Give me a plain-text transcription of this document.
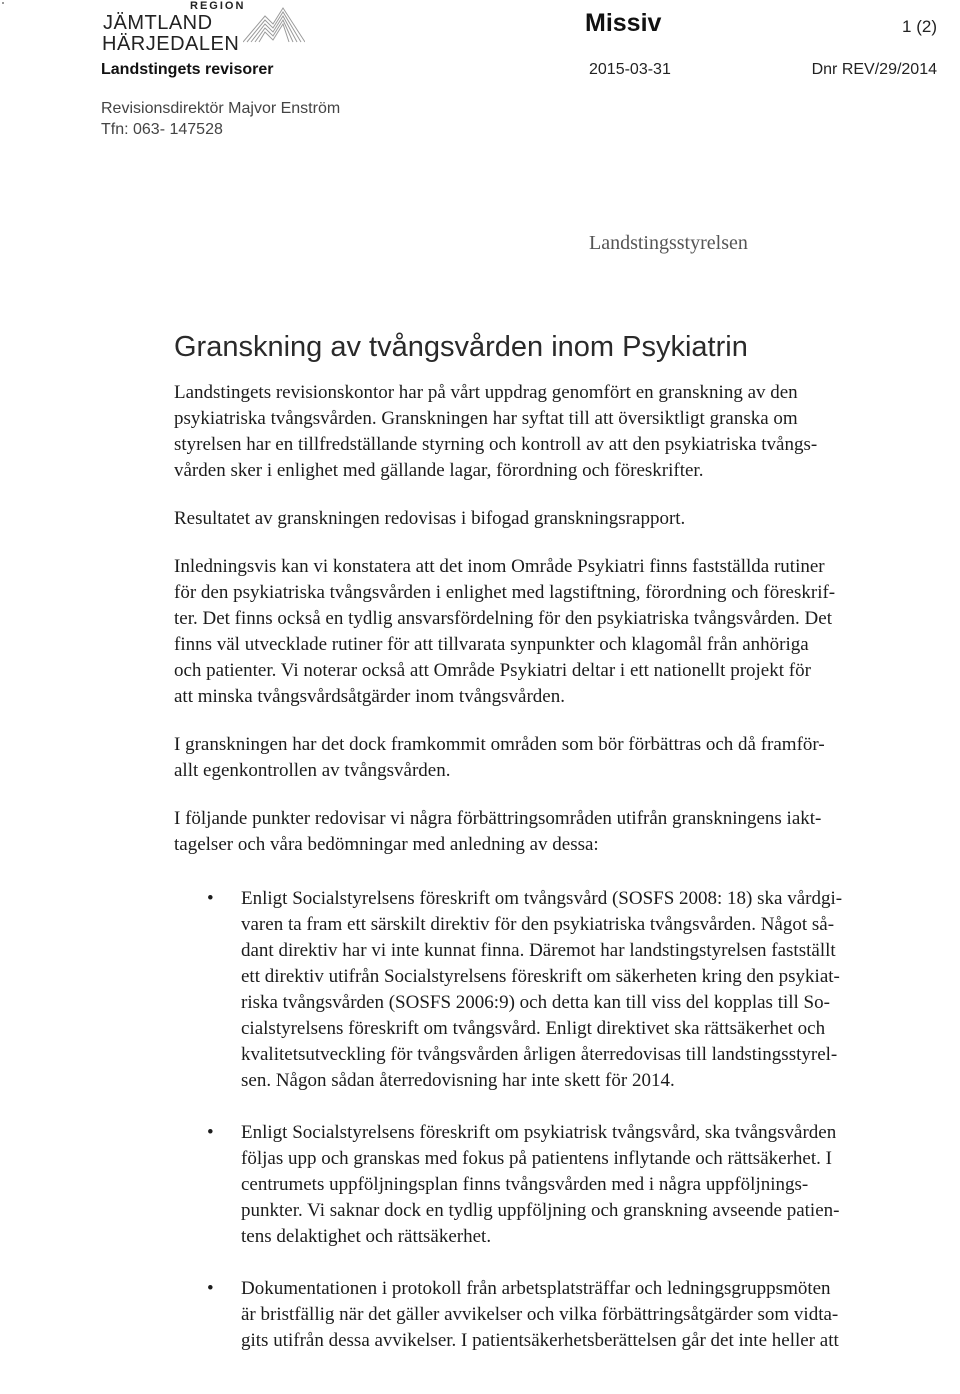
REGION
JÄMTLAND
HÄRJEDALEN
Landstingets revisorer
Missiv	1 (2)
2015-03-31	Dnr REV/29/2014
Revisionsdirektör Majvor Enström
Tfn: 063- 147528
Landstingsstyrelsen
Granskning av tvångsvården inom Psykiatrin

Landstingets revisionskontor har på vårt uppdrag genomfört en granskning av den
psykiatriska tvångsvården. Granskningen har syftat till att översiktligt granska om
styrelsen har en tillfredställande styrning och kontroll av att den psykiatriska tvångs-
vården sker i enlighet med gällande lagar, förordning och föreskrifter.

Resultatet av granskningen redovisas i bifogad granskningsrapport.

Inledningsvis kan vi konstatera att det inom Område Psykiatri finns fastställda rutiner
för den psykiatriska tvångsvården i enlighet med lagstiftning, förordning och föreskrif-
ter. Det finns också en tydlig ansvarsfördelning för den psykiatriska tvångsvården. Det
finns väl utvecklade rutiner för att tillvarata synpunkter och klagomål från anhöriga
och patienter. Vi noterar också att Område Psykiatri deltar i ett nationellt projekt för
att minska tvångsvårdsåtgärder inom tvångsvården.

I granskningen har det dock framkommit områden som bör förbättras och då framför-
allt egenkontrollen av tvångsvården.

I följande punkter redovisar vi några förbättringsområden utifrån granskningens iakt-
tagelser och våra bedömningar med anledning av dessa:

• Enligt Socialstyrelsens föreskrift om tvångsvård (SOSFS 2008: 18) ska vårdgi-
varen ta fram ett särskilt direktiv för den psykiatriska tvångsvården. Något så-
dant direktiv har vi inte kunnat finna. Däremot har landstingstyrelsen fastställt
ett direktiv utifrån Socialstyrelsens föreskrift om säkerheten kring den psykiat-
riska tvångsvården (SOSFS 2006:9) och detta kan till viss del kopplas till So-
cialstyrelsens föreskrift om tvångsvård. Enligt direktivet ska rättsäkerhet och
kvalitetsutveckling för tvångsvården årligen återredovisas till landstingsstyrel-
sen. Någon sådan återredovisning har inte skett för 2014.
• Enligt Socialstyrelsens föreskrift om psykiatrisk tvångsvård, ska tvångsvården
följas upp och granskas med fokus på patientens inflytande och rättsäkerhet. I
centrumets uppföljningsplan finns tvångsvården med i några uppföljnings-
punkter. Vi saknar dock en tydlig uppföljning och granskning avseende patien-
tens delaktighet och rättsäkerhet.
• Dokumentationen i protokoll från arbetsplatsträffar och ledningsgruppsmöten
är bristfällig när det gäller avvikelser och vilka förbättringsåtgärder som vidta-
gits utifrån dessa avvikelser. I patientsäkerhetsberättelsen går det inte heller att
